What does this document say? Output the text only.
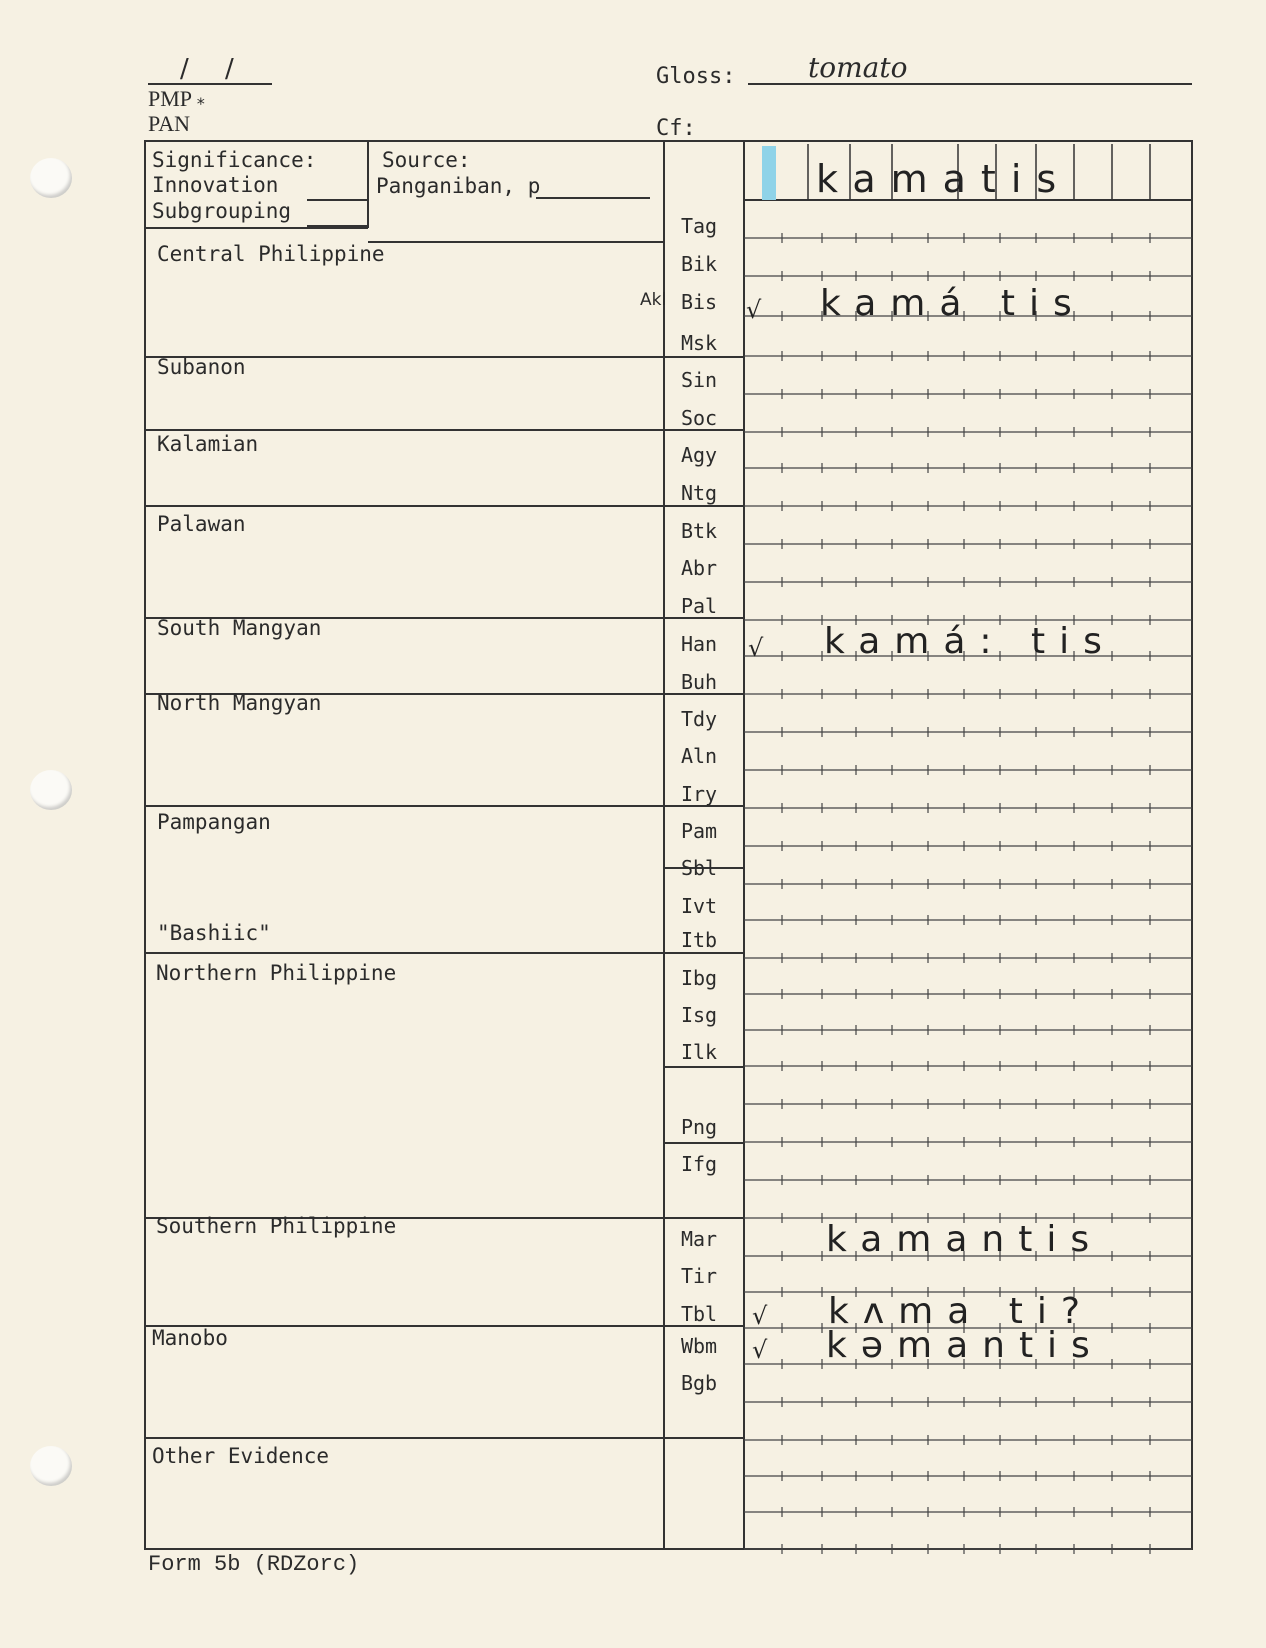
/ /
PMP *
PAN
Gloss:	tomato
Cf:
kamatis
Significance:
Innovation
Subgrouping
Source:
Panganiban, p
Central Philippine
Subanon
Kalamian
Palawan
South Mangyan
North Mangyan
Pampangan
"Bashiic"
Northern Philippine
Southern Philippine
Manobo
Other Evidence
Tag
Bik
Bis
Msk
Sin
Soc
Agy
Ntg
Btk
Abr
Pal
Han
Buh
Tdy
Aln
Iry
Pam
Sbl
Ivt
Itb
Ibg
Isg
Ilk
Png
Ifg
Mar
Tir
Tbl
Wbm
Bgb
Akl	√ kamá tis
√ kamá: tis
kamantis
√ kʌma ti?
√ kəmantis
Form 5b (RDZorc)
